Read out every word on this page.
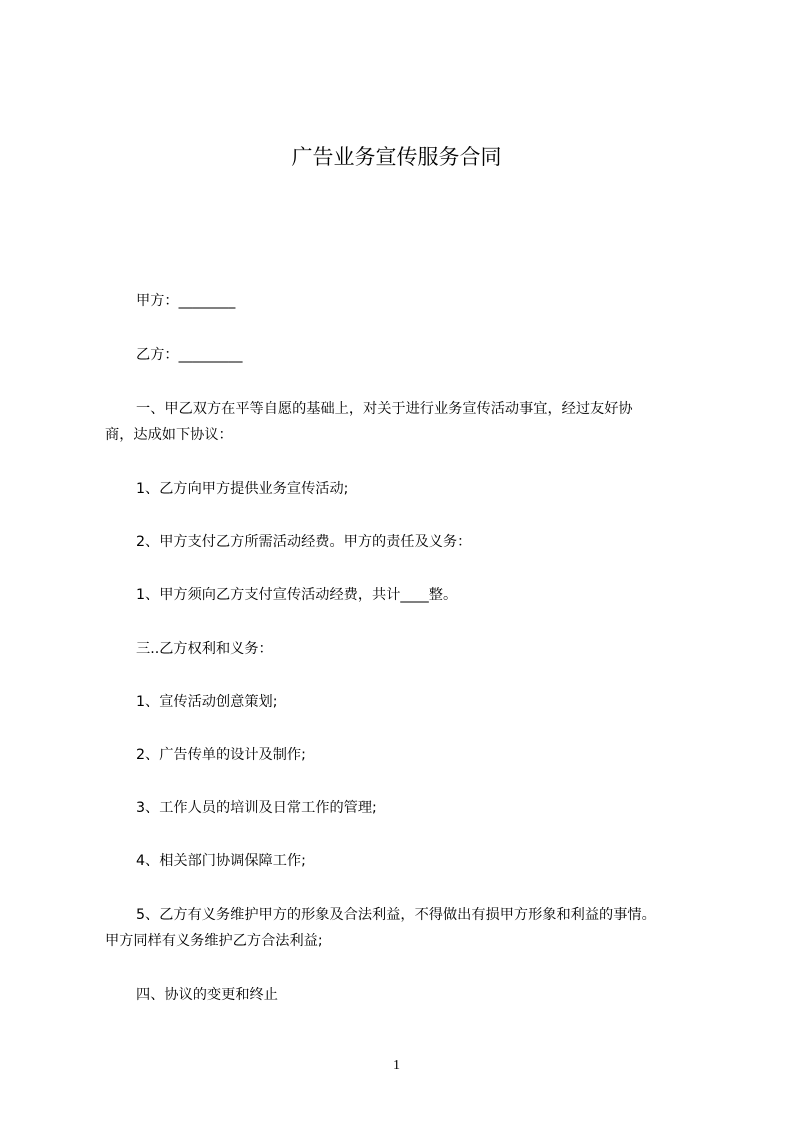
广告业务宣传服务合同
甲方：________
乙方：_________
一、甲乙双方在平等自愿的基础上，对关于进行业务宣传活动事宜，经过友好协
商，达成如下协议：
1、乙方向甲方提供业务宣传活动;
2、甲方支付乙方所需活动经费。甲方的责任及义务：
1、甲方须向乙方支付宣传活动经费，共计____整。
三..乙方权利和义务：
1、宣传活动创意策划;
2、广告传单的设计及制作;
3、工作人员的培训及日常工作的管理;
4、相关部门协调保障工作;
5、乙方有义务维护甲方的形象及合法利益，不得做出有损甲方形象和利益的事情。
甲方同样有义务维护乙方合法利益;
四、协议的变更和终止
1
